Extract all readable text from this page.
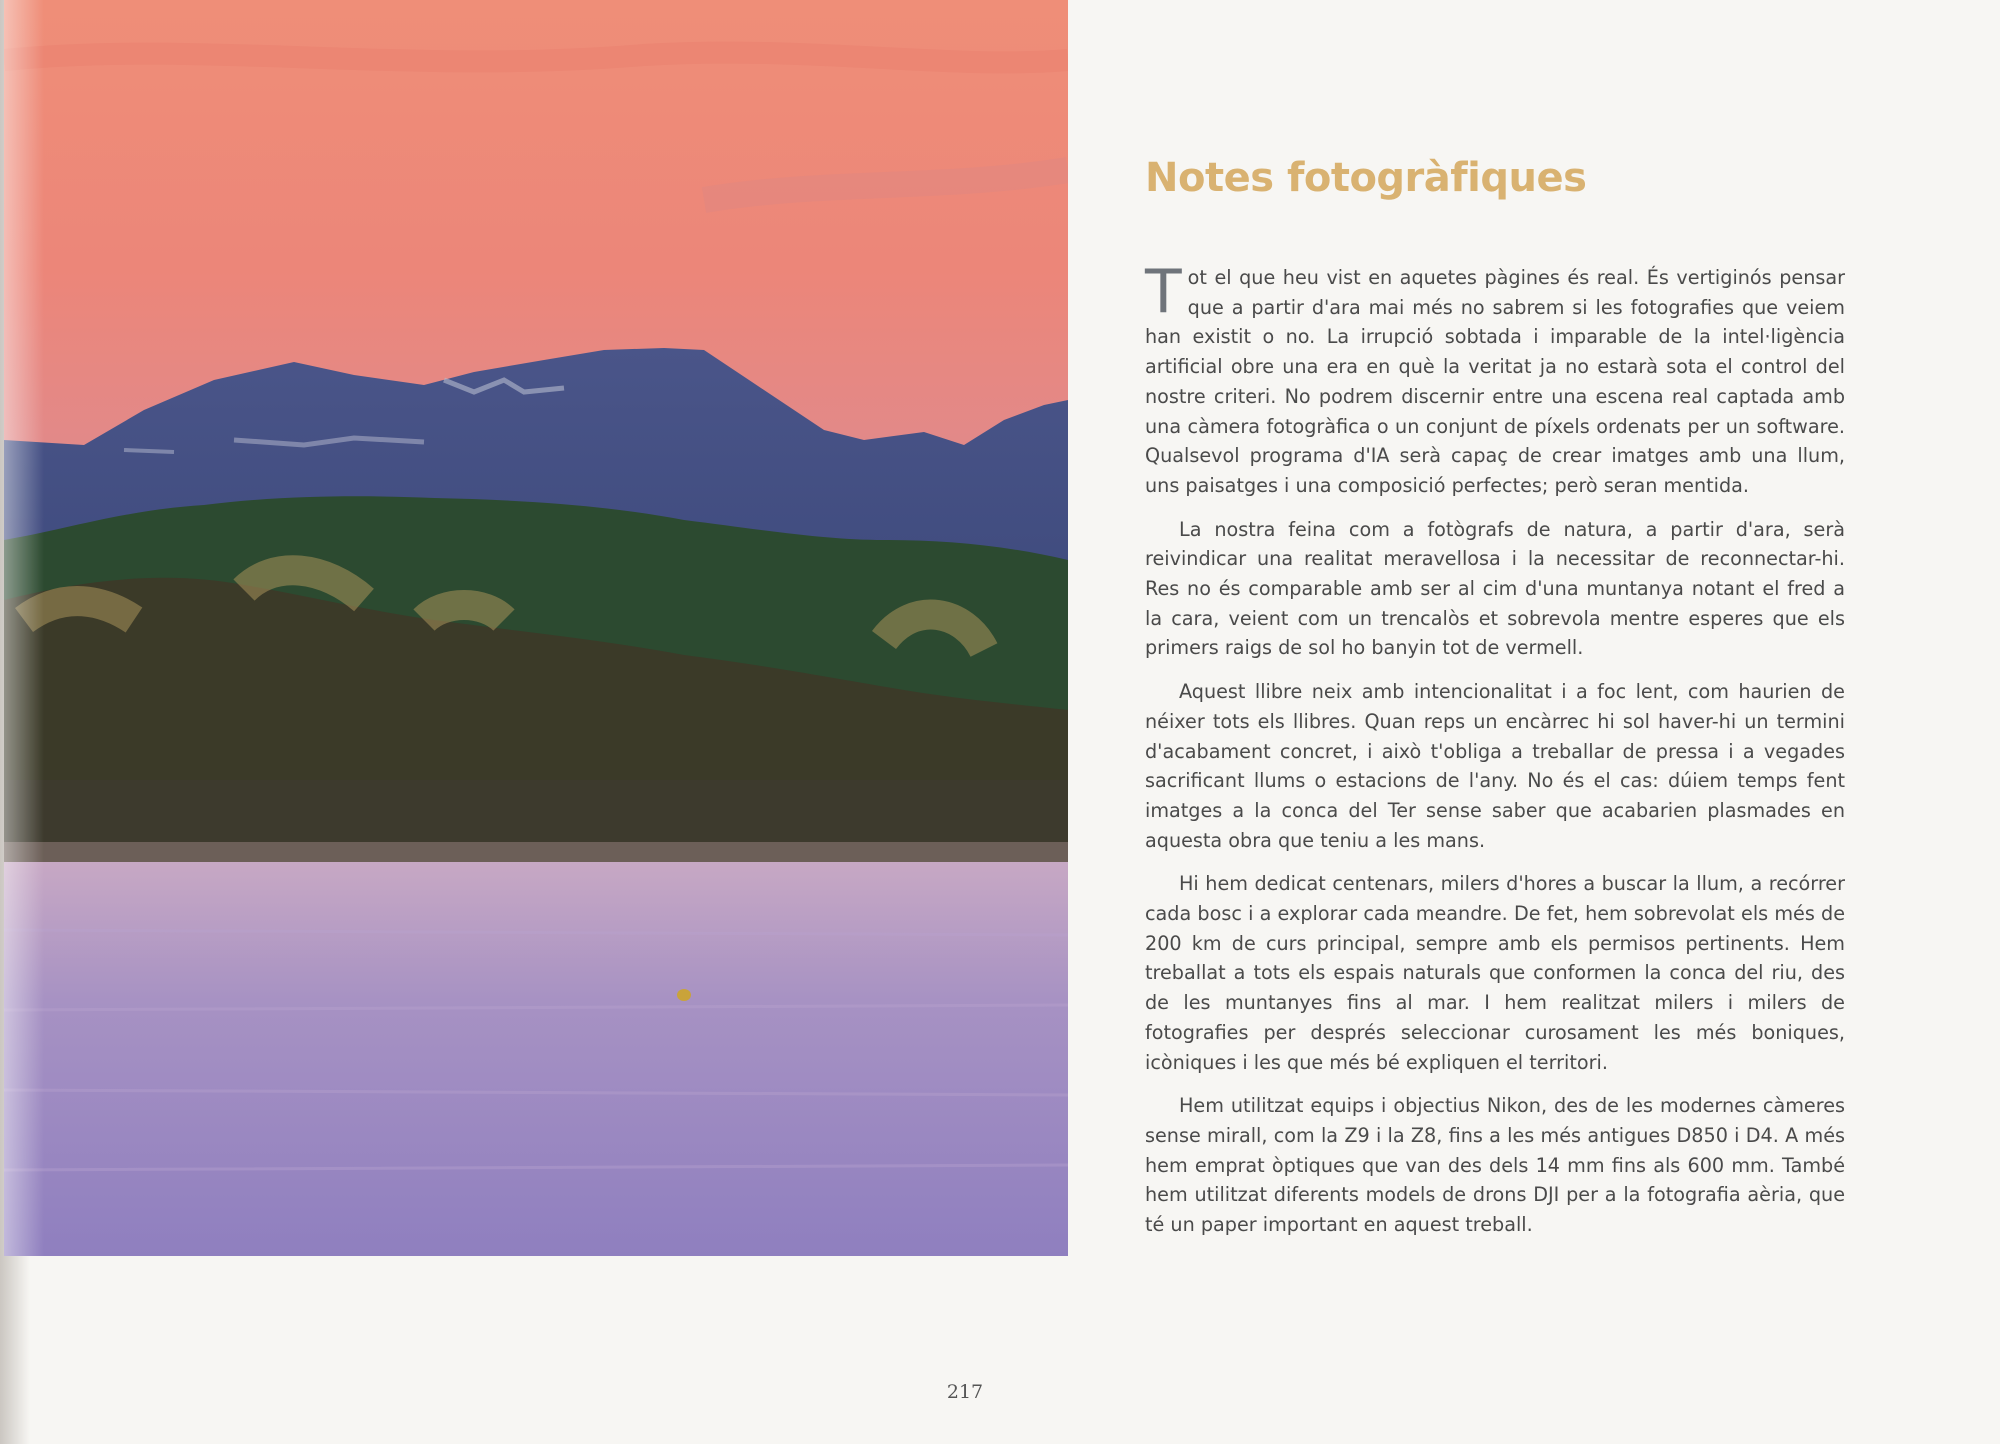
Notes fotogràfiques

Tot el que heu vist en aquetes pàgines és real. És vertiginós pensar que a partir d'ara mai més no sabrem si les fotografies que veiem han existit o no. La irrupció sobtada i imparable de la intel·ligència artificial obre una era en què la veritat ja no estarà sota el control del nostre criteri. No podrem discernir entre una escena real captada amb una càmera fotogràfica o un conjunt de píxels ordenats per un software. Qualsevol programa d'IA serà capaç de crear imatges amb una llum, uns paisatges i una composició perfectes; però seran mentida.

La nostra feina com a fotògrafs de natura, a partir d'ara, serà reivindicar una realitat meravellosa i la necessitar de reconnectar-hi. Res no és comparable amb ser al cim d'una muntanya notant el fred a la cara, veient com un trencalòs et sobrevola mentre esperes que els primers raigs de sol ho banyin tot de vermell.

Aquest llibre neix amb intencionalitat i a foc lent, com haurien de néixer tots els llibres. Quan reps un encàrrec hi sol haver-hi un termini d'acabament concret, i això t'obliga a treballar de pressa i a vegades sacrificant llums o estacions de l'any. No és el cas: dúiem temps fent imatges a la conca del Ter sense saber que acabarien plasmades en aquesta obra que teniu a les mans.

Hi hem dedicat centenars, milers d'hores a buscar la llum, a recórrer cada bosc i a explorar cada meandre. De fet, hem sobrevolat els més de 200 km de curs principal, sempre amb els permisos pertinents. Hem treballat a tots els espais naturals que conformen la conca del riu, des de les muntanyes fins al mar. I hem realitzat milers i milers de fotografies per després seleccionar curosament les més boniques, icòniques i les que més bé expliquen el territori.

Hem utilitzat equips i objectius Nikon, des de les modernes càmeres sense mirall, com la Z9 i la Z8, fins a les més antigues D850 i D4. A més hem emprat òptiques que van des dels 14 mm fins als 600 mm. També hem utilitzat diferents models de drons DJI per a la fotografia aèria, que té un paper important en aquest treball.

217
